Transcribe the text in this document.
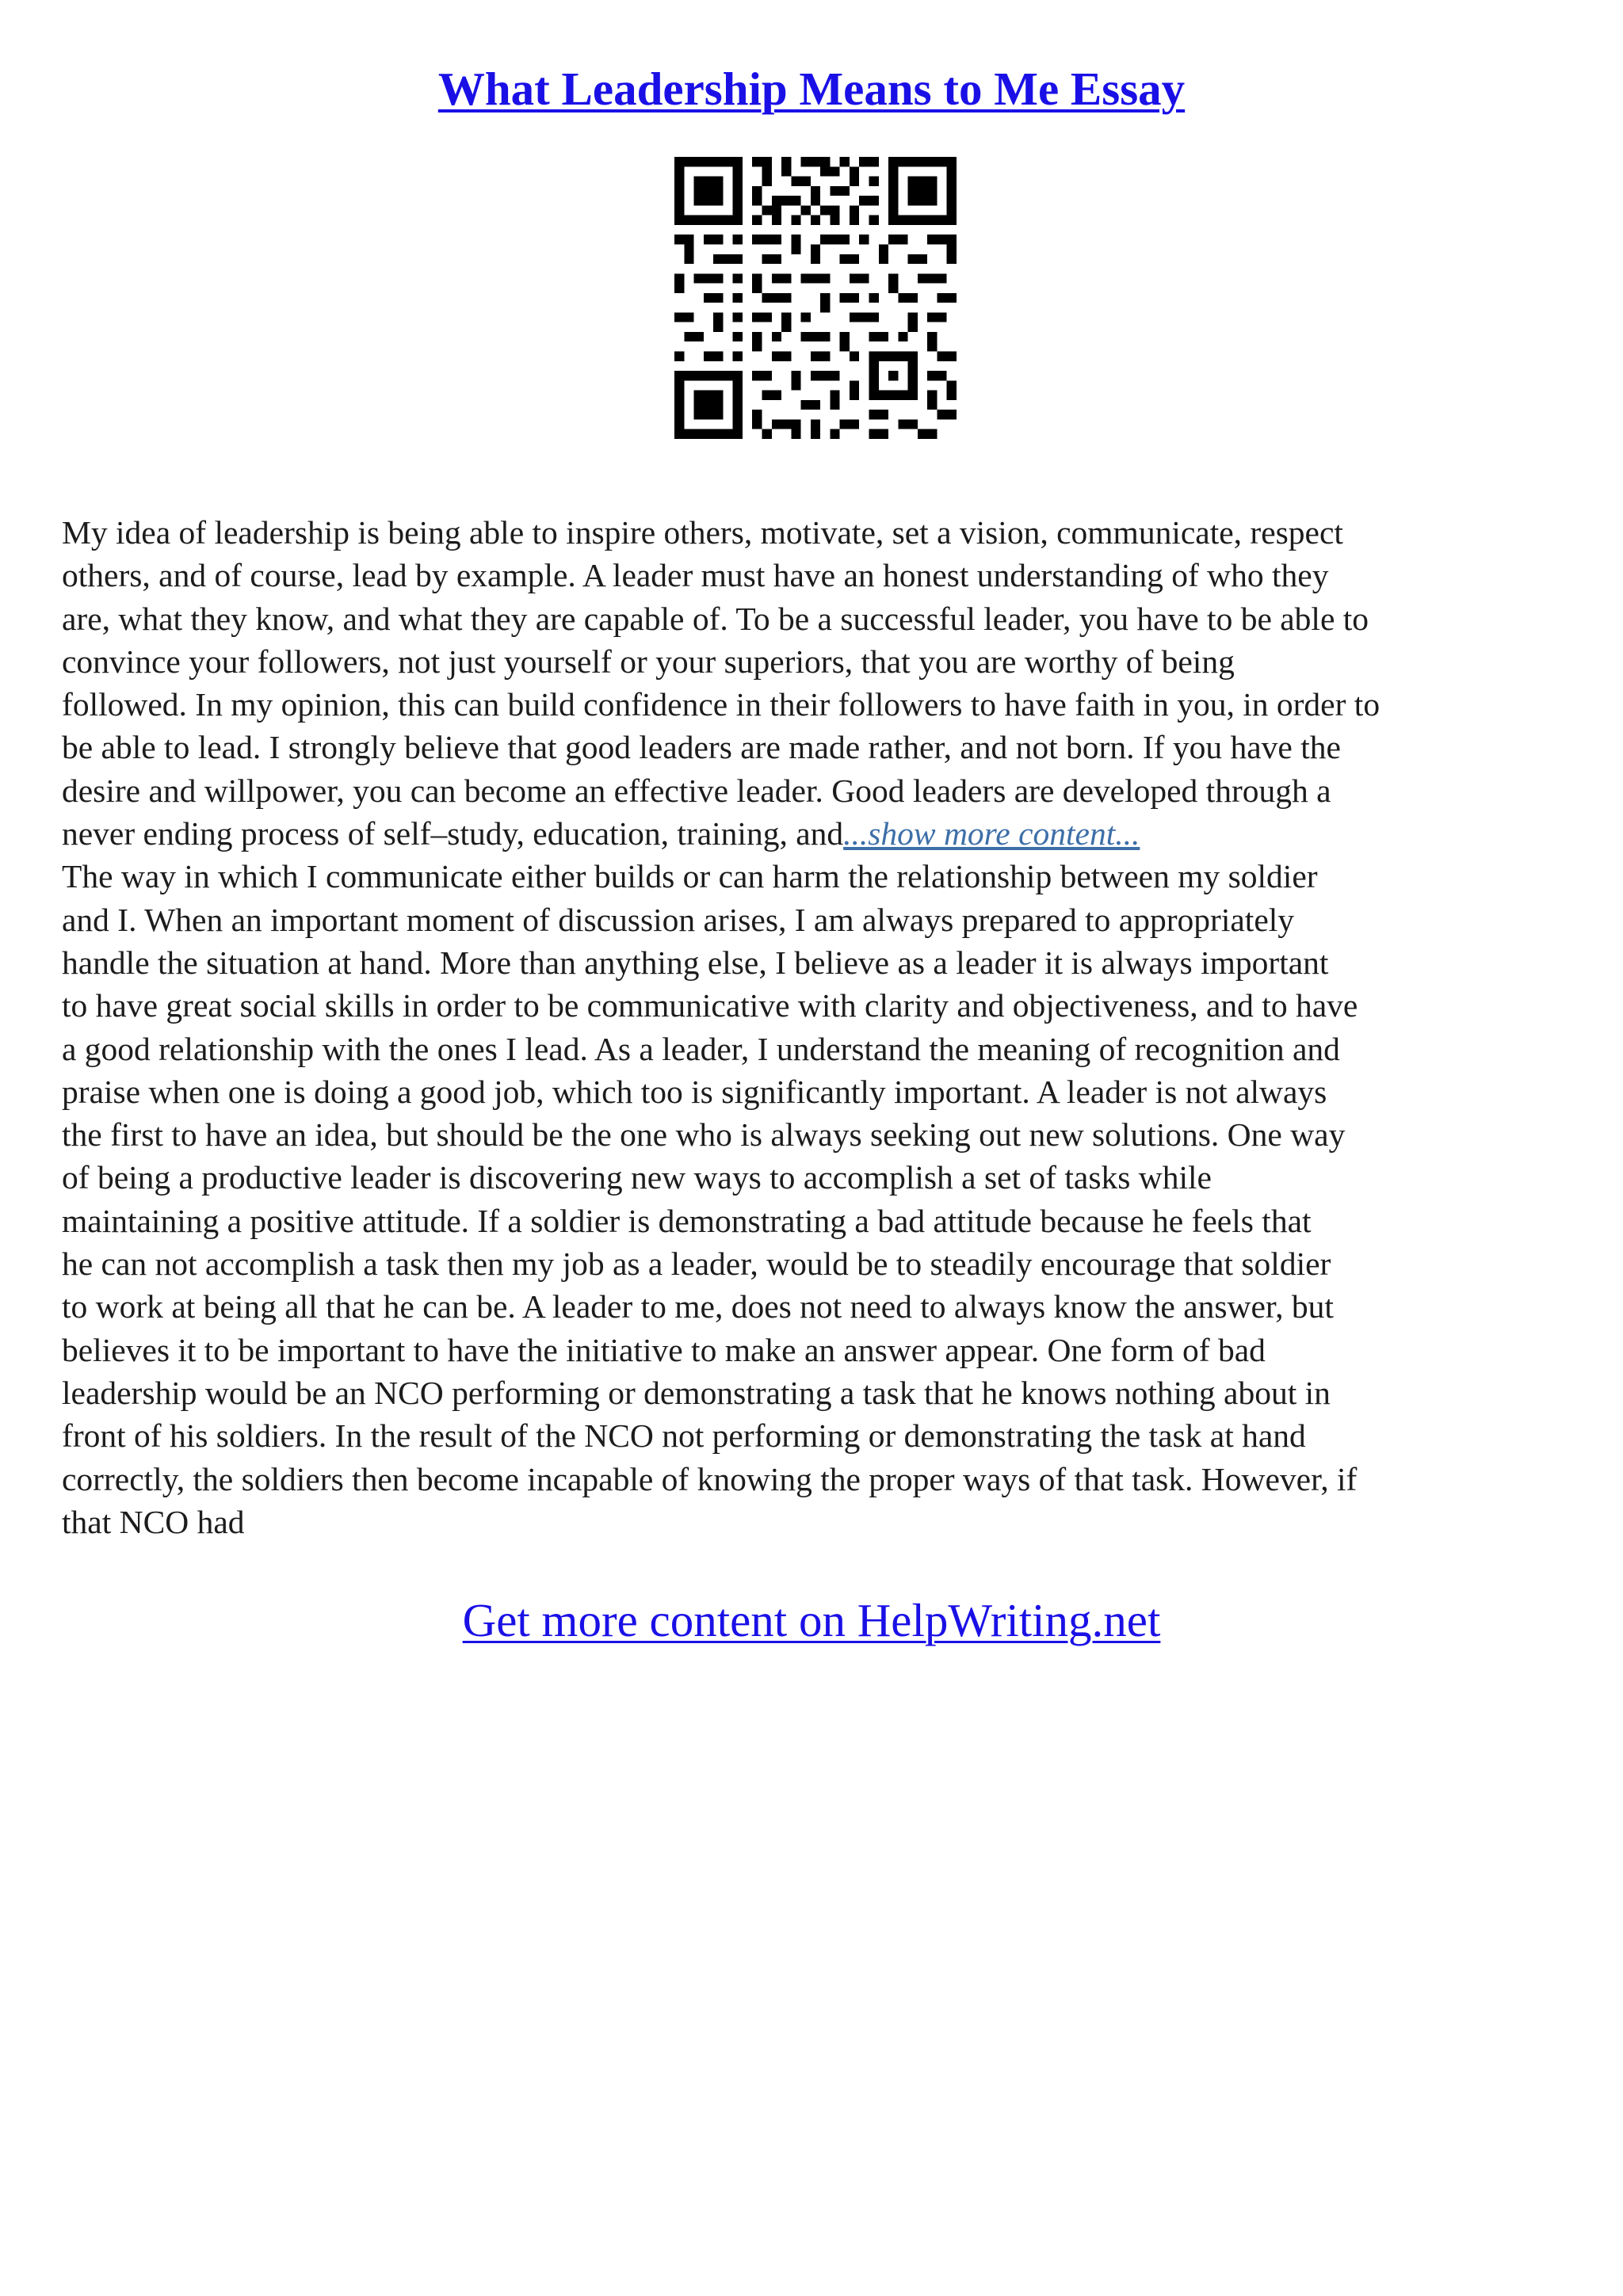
What Leadership Means to Me Essay
My idea of leadership is being able to inspire others, motivate, set a vision, communicate, respect
others, and of course, lead by example. A leader must have an honest understanding of who they
are, what they know, and what they are capable of. To be a successful leader, you have to be able to
convince your followers, not just yourself or your superiors, that you are worthy of being
followed. In my opinion, this can build confidence in their followers to have faith in you, in order to
be able to lead. I strongly believe that good leaders are made rather, and not born. If you have the
desire and willpower, you can become an effective leader. Good leaders are developed through a
never ending process of self–study, education, training, and...show more content...
The way in which I communicate either builds or can harm the relationship between my soldier
and I. When an important moment of discussion arises, I am always prepared to appropriately
handle the situation at hand. More than anything else, I believe as a leader it is always important
to have great social skills in order to be communicative with clarity and objectiveness, and to have
a good relationship with the ones I lead. As a leader, I understand the meaning of recognition and
praise when one is doing a good job, which too is significantly important. A leader is not always
the first to have an idea, but should be the one who is always seeking out new solutions. One way
of being a productive leader is discovering new ways to accomplish a set of tasks while
maintaining a positive attitude. If a soldier is demonstrating a bad attitude because he feels that
he can not accomplish a task then my job as a leader, would be to steadily encourage that soldier
to work at being all that he can be. A leader to me, does not need to always know the answer, but
believes it to be important to have the initiative to make an answer appear. One form of bad
leadership would be an NCO performing or demonstrating a task that he knows nothing about in
front of his soldiers. In the result of the NCO not performing or demonstrating the task at hand
correctly, the soldiers then become incapable of knowing the proper ways of that task. However, if
that NCO had
Get more content on HelpWriting.net
